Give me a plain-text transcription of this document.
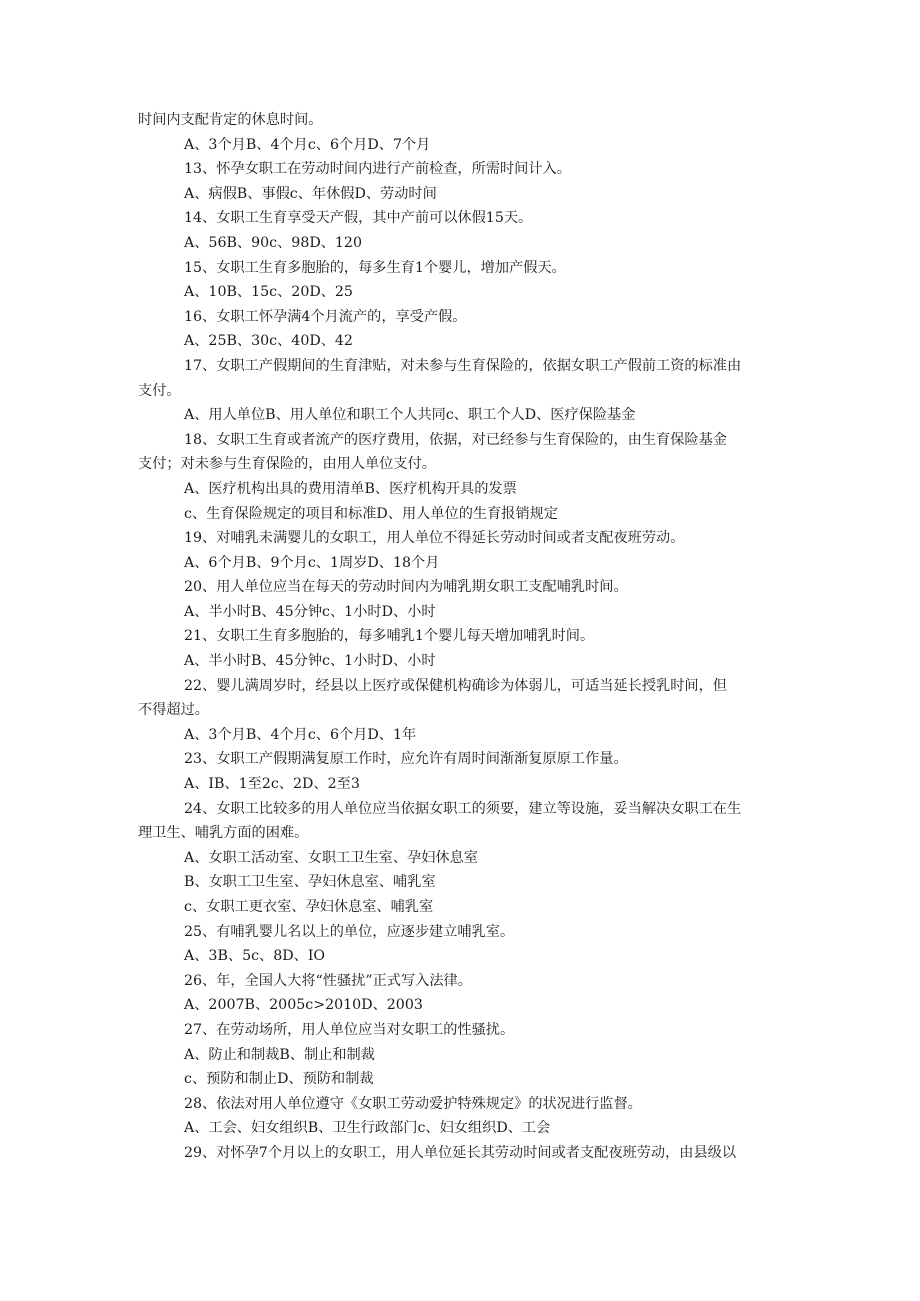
时间内支配肯定的休息时间。
A、3个月B、4个月c、6个月D、7个月
13、怀孕女职工在劳动时间内进行产前检查，所需时间计入。
A、病假B、事假c、年休假D、劳动时间
14、女职工生育享受天产假，其中产前可以休假15天。
A、56B、90c、98D、120
15、女职工生育多胞胎的，每多生育1个婴儿，增加产假天。
A、10B、15c、20D、25
16、女职工怀孕满4个月流产的，享受产假。
A、25B、30c、40D、42
17、女职工产假期间的生育津贴，对未参与生育保险的，依据女职工产假前工资的标准由
支付。
A、用人单位B、用人单位和职工个人共同c、职工个人D、医疗保险基金
18、女职工生育或者流产的医疗费用，依据，对已经参与生育保险的，由生育保险基金
支付；对未参与生育保险的，由用人单位支付。
A、医疗机构出具的费用清单B、医疗机构开具的发票
c、生育保险规定的项目和标准D、用人单位的生育报销规定
19、对哺乳未满婴儿的女职工，用人单位不得延长劳动时间或者支配夜班劳动。
A、6个月B、9个月c、1周岁D、18个月
20、用人单位应当在每天的劳动时间内为哺乳期女职工支配哺乳时间。
A、半小时B、45分钟c、1小时D、小时
21、女职工生育多胞胎的，每多哺乳1个婴儿每天增加哺乳时间。
A、半小时B、45分钟c、1小时D、小时
22、婴儿满周岁时，经县以上医疗或保健机构确诊为体弱儿，可适当延长授乳时间，但
不得超过。
A、3个月B、4个月c、6个月D、1年
23、女职工产假期满复原工作时，应允许有周时间渐渐复原原工作量。
A、IB、1至2c、2D、2至3
24、女职工比较多的用人单位应当依据女职工的须要，建立等设施，妥当解决女职工在生
理卫生、哺乳方面的困难。
A、女职工活动室、女职工卫生室、孕妇休息室
B、女职工卫生室、孕妇休息室、哺乳室
c、女职工更衣室、孕妇休息室、哺乳室
25、有哺乳婴儿名以上的单位，应逐步建立哺乳室。
A、3B、5c、8D、IO
26、年，全国人大将“性骚扰”正式写入法律。
A、2007B、2005c>2010D、2003
27、在劳动场所，用人单位应当对女职工的性骚扰。
A、防止和制裁B、制止和制裁
c、预防和制止D、预防和制裁
28、依法对用人单位遵守《女职工劳动爱护特殊规定》的状况进行监督。
A、工会、妇女组织B、卫生行政部门c、妇女组织D、工会
29、对怀孕7个月以上的女职工，用人单位延长其劳动时间或者支配夜班劳动，由县级以
